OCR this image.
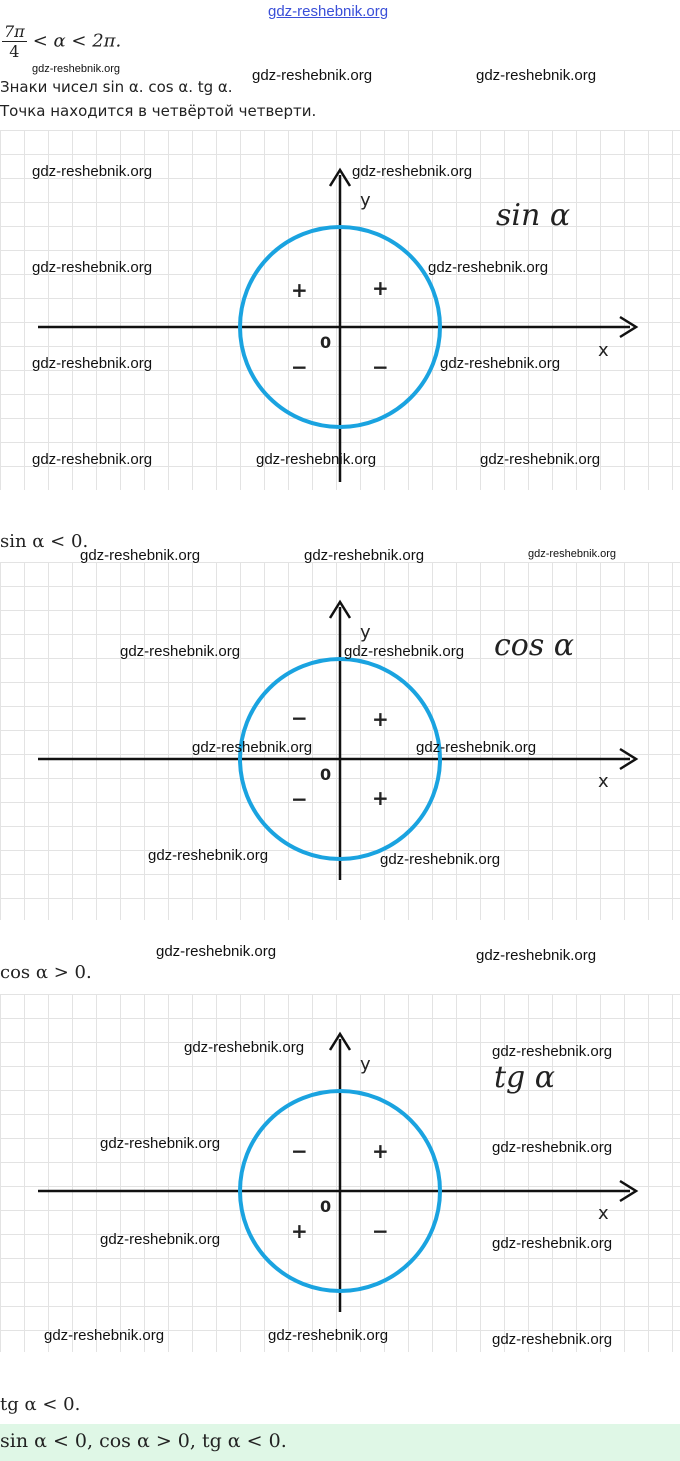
gdz-reshebnik.org
$\frac{7\pi}{4} < \alpha < 2\pi$.
Знаки чисел sin α. cos α. tg α.
Точка находится в четвёртой четверти.
y
x
0
sin α
+
+
−	−
sin α < 0.
y
x
0
cos α
+
−
−	+
cos α > 0.
y
x
0
tg α
+
−
+	−
tg α < 0.
sin α < 0, cos α > 0, tg α < 0.
gdz-reshebnik.org	gdz-reshebnik.org	gdz-reshebnik.org
gdz-reshebnik.org	gdz-reshebnik.org
gdz-reshebnik.org	gdz-reshebnik.org
gdz-reshebnik.org	gdz-reshebnik.org
gdz-reshebnik.org	gdz-reshebnik.org	gdz-reshebnik.org
gdz-reshebnik.org	gdz-reshebnik.org	gdz-reshebnik.org
gdz-reshebnik.org	gdz-reshebnik.org
gdz-reshebnik.org	gdz-reshebnik.org
gdz-reshebnik.org	gdz-reshebnik.org
gdz-reshebnik.org	gdz-reshebnik.org
gdz-reshebnik.org	gdz-reshebnik.org
gdz-reshebnik.org	gdz-reshebnik.org
gdz-reshebnik.org	gdz-reshebnik.org
gdz-reshebnik.org	gdz-reshebnik.org	gdz-reshebnik.org
